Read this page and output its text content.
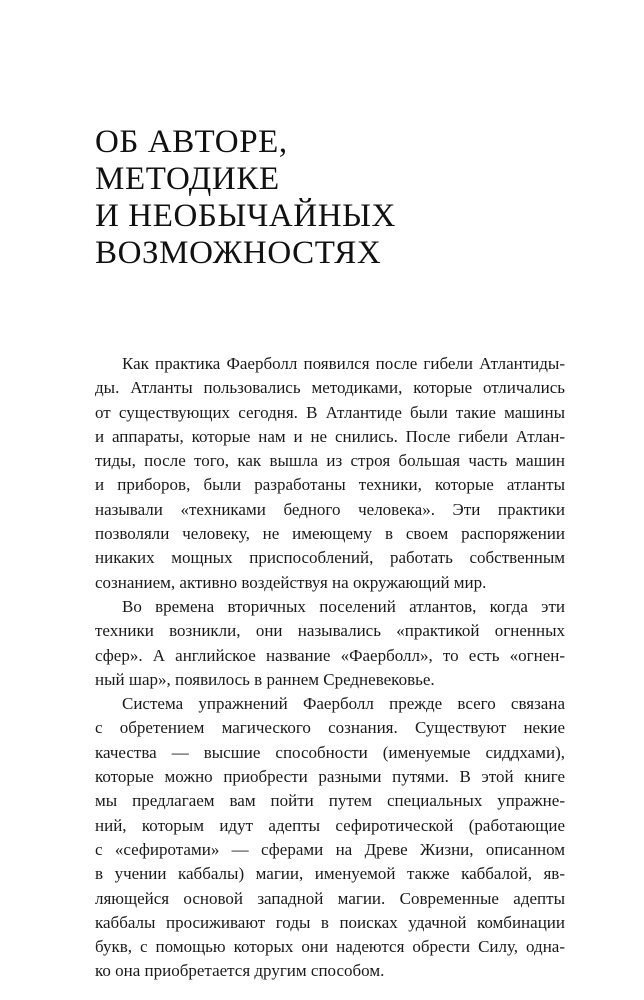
ОБ АВТОРЕ,
МЕТОДИКЕ
И НЕОБЫЧАЙНЫХ
ВОЗМОЖНОСТЯХ
Как практика Фаерболл появился после гибели Атлантиды-
ды. Атланты пользовались методиками, которые отличались
от существующих сегодня. В Атлантиде были такие машины
и аппараты, которые нам и не снились. После гибели Атлан-
тиды, после того, как вышла из строя большая часть машин
и приборов, были разработаны техники, которые атланты
называли «техниками бедного человека». Эти практики
позволяли человеку, не имеющему в своем распоряжении
никаких мощных приспособлений, работать собственным
сознанием, активно воздействуя на окружающий мир.
Во времена вторичных поселений атлантов, когда эти
техники возникли, они назывались «практикой огненных
сфер». А английское название «Фаерболл», то есть «огнен-
ный шар», появилось в раннем Средневековье.
Система упражнений Фаерболл прежде всего связана
с обретением магического сознания. Существуют некие
качества — высшие способности (именуемые сиддхами),
которые можно приобрести разными путями. В этой книге
мы предлагаем вам пойти путем специальных упражне-
ний, которым идут адепты сефиротической (работающие
с «сефиротами» — сферами на Древе Жизни, описанном
в учении каббалы) магии, именуемой также каббалой, яв-
ляющейся основой западной магии. Современные адепты
каббалы просиживают годы в поисках удачной комбинации
букв, с помощью которых они надеются обрести Силу, одна-
ко она приобретается другим способом.
